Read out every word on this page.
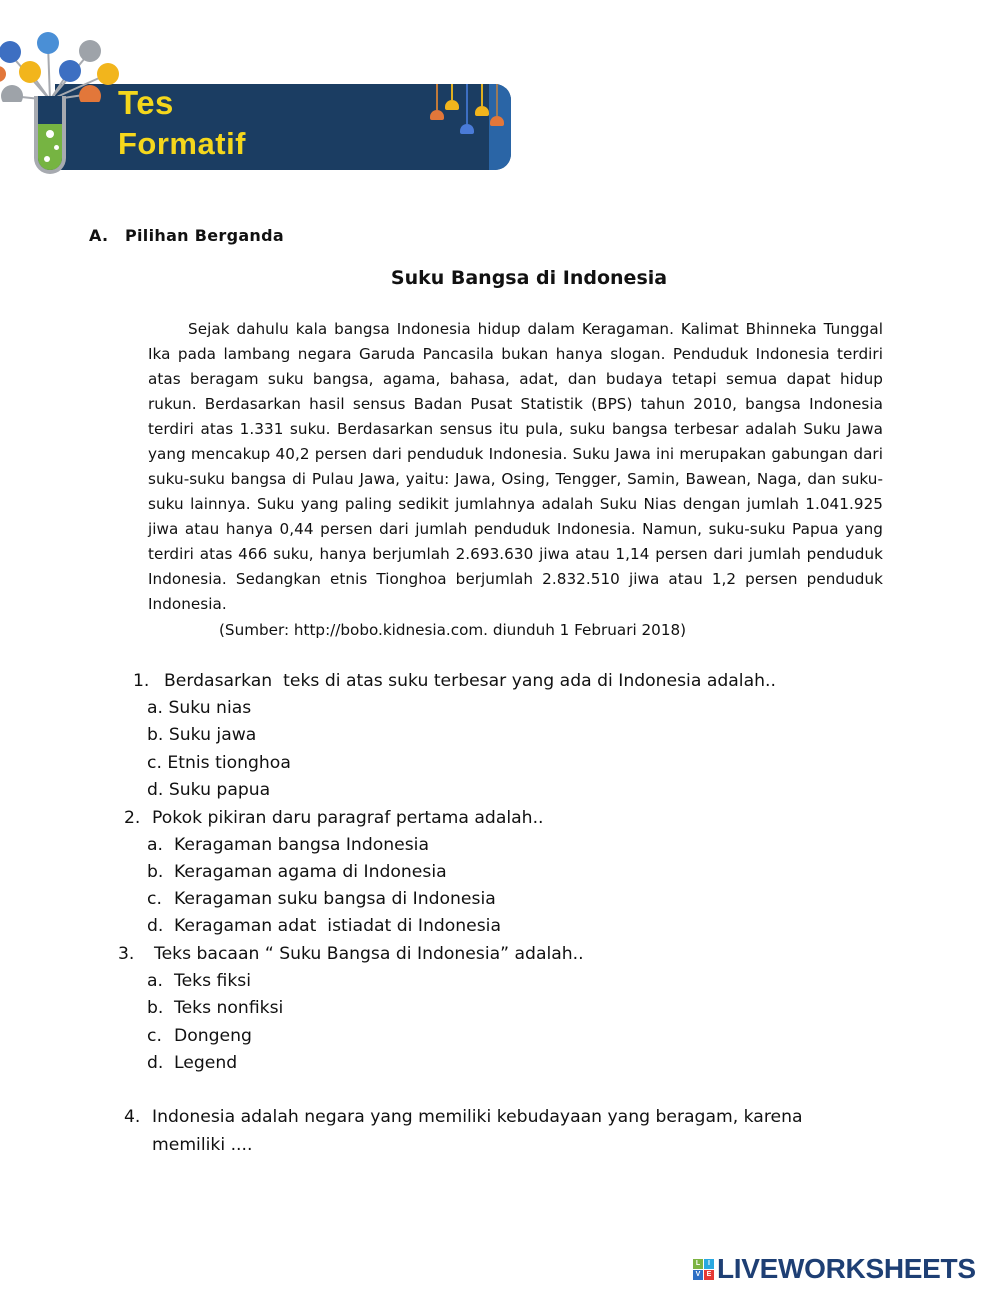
Tes
Formatif
A. Pilihan Berganda
Suku Bangsa di Indonesia

Sejak dahulu kala bangsa Indonesia hidup dalam Keragaman. Kalimat Bhinneka Tunggal Ika pada lambang negara Garuda Pancasila bukan hanya slogan. Penduduk Indonesia terdiri atas beragam suku bangsa, agama, bahasa, adat, dan budaya tetapi semua dapat hidup rukun. Berdasarkan hasil sensus Badan Pusat Statistik (BPS) tahun 2010, bangsa Indonesia terdiri atas 1.331 suku. Berdasarkan sensus itu pula, suku bangsa terbesar adalah Suku Jawa yang mencakup 40,2 persen dari penduduk Indonesia. Suku Jawa ini merupakan gabungan dari suku-suku bangsa di Pulau Jawa, yaitu: Jawa, Osing, Tengger, Samin, Bawean, Naga, dan suku-suku lainnya. Suku yang paling sedikit jumlahnya adalah Suku Nias dengan jumlah 1.041.925 jiwa atau hanya 0,44 persen dari jumlah penduduk Indonesia. Namun, suku-suku Papua yang terdiri atas 466 suku, hanya berjumlah 2.693.630 jiwa atau 1,14 persen dari jumlah penduduk Indonesia. Sedangkan etnis Tionghoa berjumlah 2.832.510 jiwa atau 1,2 persen penduduk Indonesia.

(Sumber: http://bobo.kidnesia.com. diunduh 1 Februari 2018)
1. Berdasarkan  teks di atas suku terbesar yang ada di Indonesia adalah..
a. Suku nias
b. Suku jawa
c. Etnis tionghoa
d. Suku papua
2. Pokok pikiran daru paragraf pertama adalah..
a. Keragaman bangsa Indonesia
b. Keragaman agama di Indonesia
c. Keragaman suku bangsa di Indonesia
d. Keragaman adat  istiadat di Indonesia
3. Teks bacaan “ Suku Bangsa di Indonesia” adalah..
a. Teks fiksi
b. Teks nonfiksi
c. Dongeng
d. Legend
4. Indonesia adalah negara yang memiliki kebudayaan yang beragam, karena
memiliki ....
L	I
V E LIVEWORKSHEETS
